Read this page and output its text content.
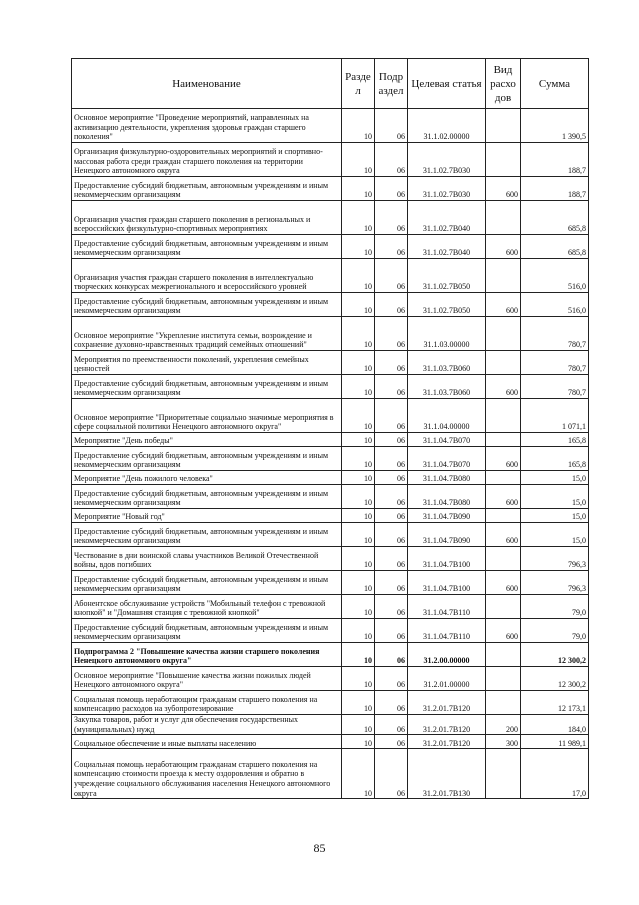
Наименование	Разде л	Подр аздел	Целевая статья	Вид расхо дов	Сумма
Основное мероприятие "Проведение мероприятий, направленных на активизацию деятельности, укрепления здоровья граждан старшего поколения"	10	06	31.1.02.00000		1 390,5
Организация физкультурно-оздоровительных мероприятий и спортивно-массовая работа среди граждан старшего поколения на территории Ненецкого автономного округа	10	06	31.1.02.7В030		188,7
Предоставление субсидий бюджетным, автономным учреждениям и иным некоммерческим организациям	10	06	31.1.02.7В030	600	188,7
Организация участия граждан старшего поколения в региональных и всероссийских физкультурно-спортивных мероприятиях	10	06	31.1.02.7В040		685,8
Предоставление субсидий бюджетным, автономным учреждениям и иным некоммерческим организациям	10	06	31.1.02.7В040	600	685,8
Организация участия граждан старшего поколения в интеллектуально творческих конкурсах межрегионального и всероссийского уровней	10	06	31.1.02.7В050		516,0
Предоставление субсидий бюджетным, автономным учреждениям и иным некоммерческим организациям	10	06	31.1.02.7В050	600	516,0
Основное мероприятие "Укрепление института семьи, возрождение и сохранение духовно-нравственных традиций семейных отношений"	10	06	31.1.03.00000		780,7
Мероприятия по преемственности поколений, укрепления семейных ценностей	10	06	31.1.03.7В060		780,7
Предоставление субсидий бюджетным, автономным учреждениям и иным некоммерческим организациям	10	06	31.1.03.7В060	600	780,7
Основное мероприятие "Приоритетные социально значимые мероприятия в сфере социальной политики Ненецкого автономного округа"	10	06	31.1.04.00000		1 071,1
Мероприятие "День победы"	10	06	31.1.04.7В070		165,8
Предоставление субсидий бюджетным, автономным учреждениям и иным некоммерческим организациям	10	06	31.1.04.7В070	600	165,8
Мероприятие "День пожилого человека"	10	06	31.1.04.7В080		15,0
Предоставление субсидий бюджетным, автономным учреждениям и иным некоммерческим организациям	10	06	31.1.04.7В080	600	15,0
Мероприятие "Новый год"	10	06	31.1.04.7В090		15,0
Предоставление субсидий бюджетным, автономным учреждениям и иным некоммерческим организациям	10	06	31.1.04.7В090	600	15,0
Чествование в дни воинской славы участников Великой Отечественной войны, вдов погибших	10	06	31.1.04.7В100		796,3
Предоставление субсидий бюджетным, автономным учреждениям и иным некоммерческим организациям	10	06	31.1.04.7В100	600	796,3
Абонентское обслуживание устройств "Мобильный телефон с тревожной кнопкой" и "Домашняя станция с тревожной кнопкой"	10	06	31.1.04.7В110		79,0
Предоставление субсидий бюджетным, автономным учреждениям и иным некоммерческим организациям	10	06	31.1.04.7В110	600	79,0
Подпрограмма 2 "Повышение качества жизни старшего поколения Ненецкого автономного округа"	10	06	31.2.00.00000		12 300,2
Основное мероприятие "Повышение качества жизни пожилых людей Ненецкого автономного округа"	10	06	31.2.01.00000		12 300,2
Социальная помощь неработающим гражданам старшего поколения на компенсацию расходов на зубопротезирование	10	06	31.2.01.7В120		12 173,1
Закупка товаров, работ и услуг для обеспечения государственных (муниципальных) нужд	10	06	31.2.01.7В120	200	184,0
Социальное обеспечение и иные выплаты населению	10	06	31.2.01.7В120	300	11 989,1
Социальная помощь неработающим гражданам старшего поколения на компенсацию стоимости проезда к месту оздоровления и обратно в учреждение социального обслуживания населения Ненецкого автономного округа	10	06	31.2.01.7В130		17,0
85
